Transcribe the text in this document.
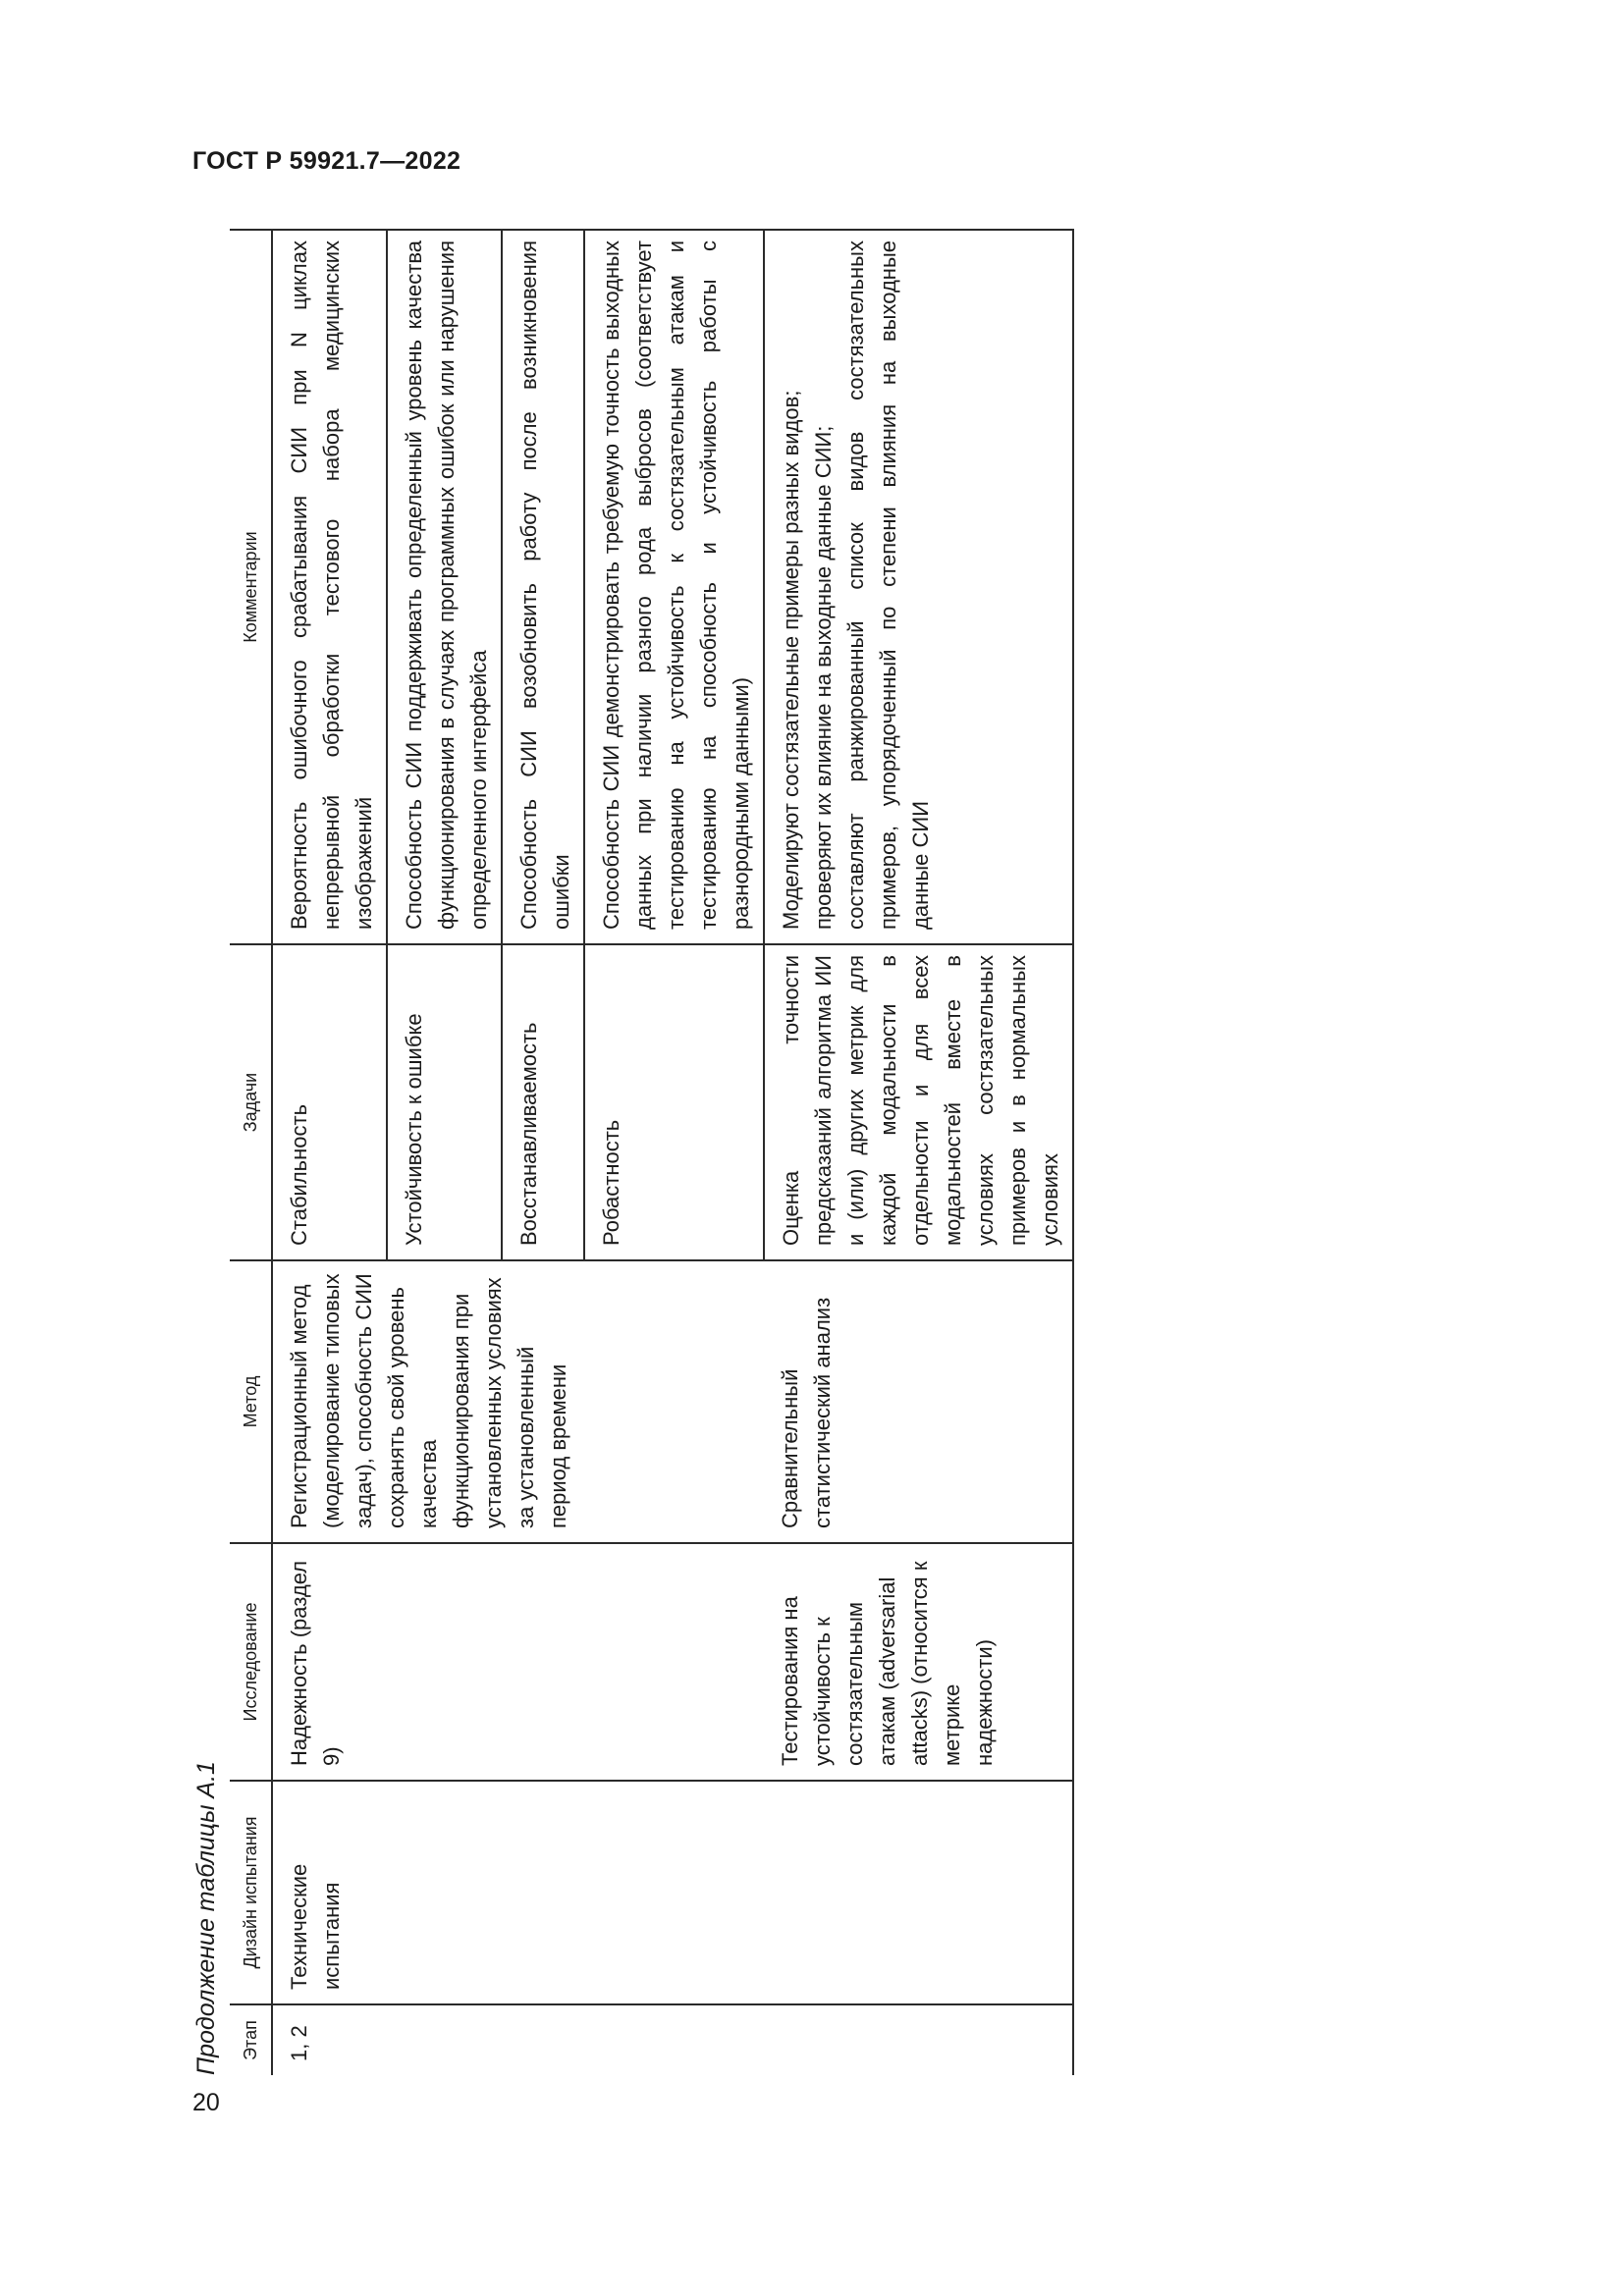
ГОСТ Р 59921.7—2022
20
Продолжение таблицы А.1 Этап	Дизайн испытания	Исследование	Метод	Задачи	Комментарии
1, 2	Технические испытания	Надежность (раздел 9)	Регистрационный метод (моделирование типовых задач), способность СИИ сохранять свой уровень качества функционирования при установленных условиях за установленный период времени	Стабильность	Вероятность ошибочного срабатывания СИИ при N циклах непрерывной обработки тестового набора медицинских изображений
				Устойчивость к ошибке	Способность СИИ поддерживать определенный уровень качества функционирования в случаях программных ошибок или нарушения определенного интерфейса
				Восстанавливаемость	Способность СИИ возобновить работу после возникновения ошибки
				Робастность	Способность СИИ демонстрировать требуемую точность выходных данных при наличии разного рода выбросов (соответствует тестированию на устойчивость к состязательным атакам и тестированию на способность и устойчивость работы с разнородными данными)
		Тестирования на устойчивость к состязательным атакам (adversarial attacks) (относится к метрике надежности)	Сравнительный статистический анализ	Оценка точности предсказаний алгоритма ИИ и (или) других метрик для каждой модальности в отдельности и для всех модальностей вместе в условиях состязательных примеров и в нормальных условиях	Моделируют состязательные примеры разных видов; проверяют их влияние на выходные данные СИИ; составляют ранжированный список видов состязательных примеров, упорядоченный по степени влияния на выходные данные СИИ
